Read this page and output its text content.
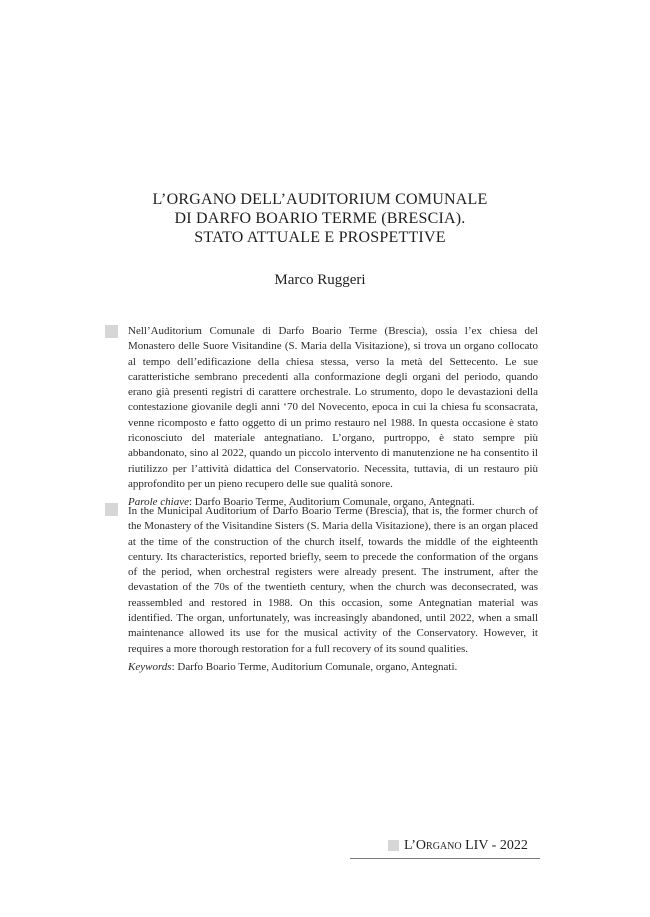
L’ORGANO DELL’AUDITORIUM COMUNALE
DI DARFO BOARIO TERME (BRESCIA).
STATO ATTUALE E PROSPETTIVE
Marco Ruggeri

Nell’Auditorium Comunale di Darfo Boario Terme (Brescia), ossia l’ex chiesa del Monastero delle Suore Visitandine (S. Maria della Visitazione), si trova un organo collocato al tempo dell’edificazione della chiesa stessa, verso la metà del Settecento. Le sue caratteristiche sembrano precedenti alla conformazione degli organi del periodo, quando erano già presenti registri di carattere orchestrale. Lo strumento, dopo le devastazioni della contestazione giovanile degli anni ‘70 del Novecento, epoca in cui la chiesa fu sconsacrata, venne ricomposto e fatto oggetto di un primo restauro nel 1988. In questa occasione è stato riconosciuto del materiale antegnatiano. L’organo, purtroppo, è stato sempre più abbandonato, sino al 2022, quando un piccolo intervento di manutenzione ne ha consentito il riutilizzo per l’attività didattica del Conservatorio. Necessita, tuttavia, di un restauro più approfondito per un pieno recupero delle sue qualità sonore.

Parole chiave: Darfo Boario Terme, Auditorium Comunale, organo, Antegnati.

In the Municipal Auditorium of Darfo Boario Terme (Brescia), that is, the former church of the Monastery of the Visitandine Sisters (S. Maria della Visitazione), there is an organ placed at the time of the construction of the church itself, towards the middle of the eighteenth century. Its characteristics, reported briefly, seem to precede the conformation of the organs of the period, when orchestral registers were already present. The instrument, after the devastation of the 70s of the twentieth century, when the church was deconsecrated, was reassembled and restored in 1988. On this occasion, some Antegnatian material was identified. The organ, unfortunately, was increasingly abandoned, until 2022, when a small maintenance allowed its use for the musical activity of the Conservatory. However, it requires a more thorough restoration for a full recovery of its sound qualities.

Keywords: Darfo Boario Terme, Auditorium Comunale, organo, Antegnati.

L’Organo LIV - 2022
